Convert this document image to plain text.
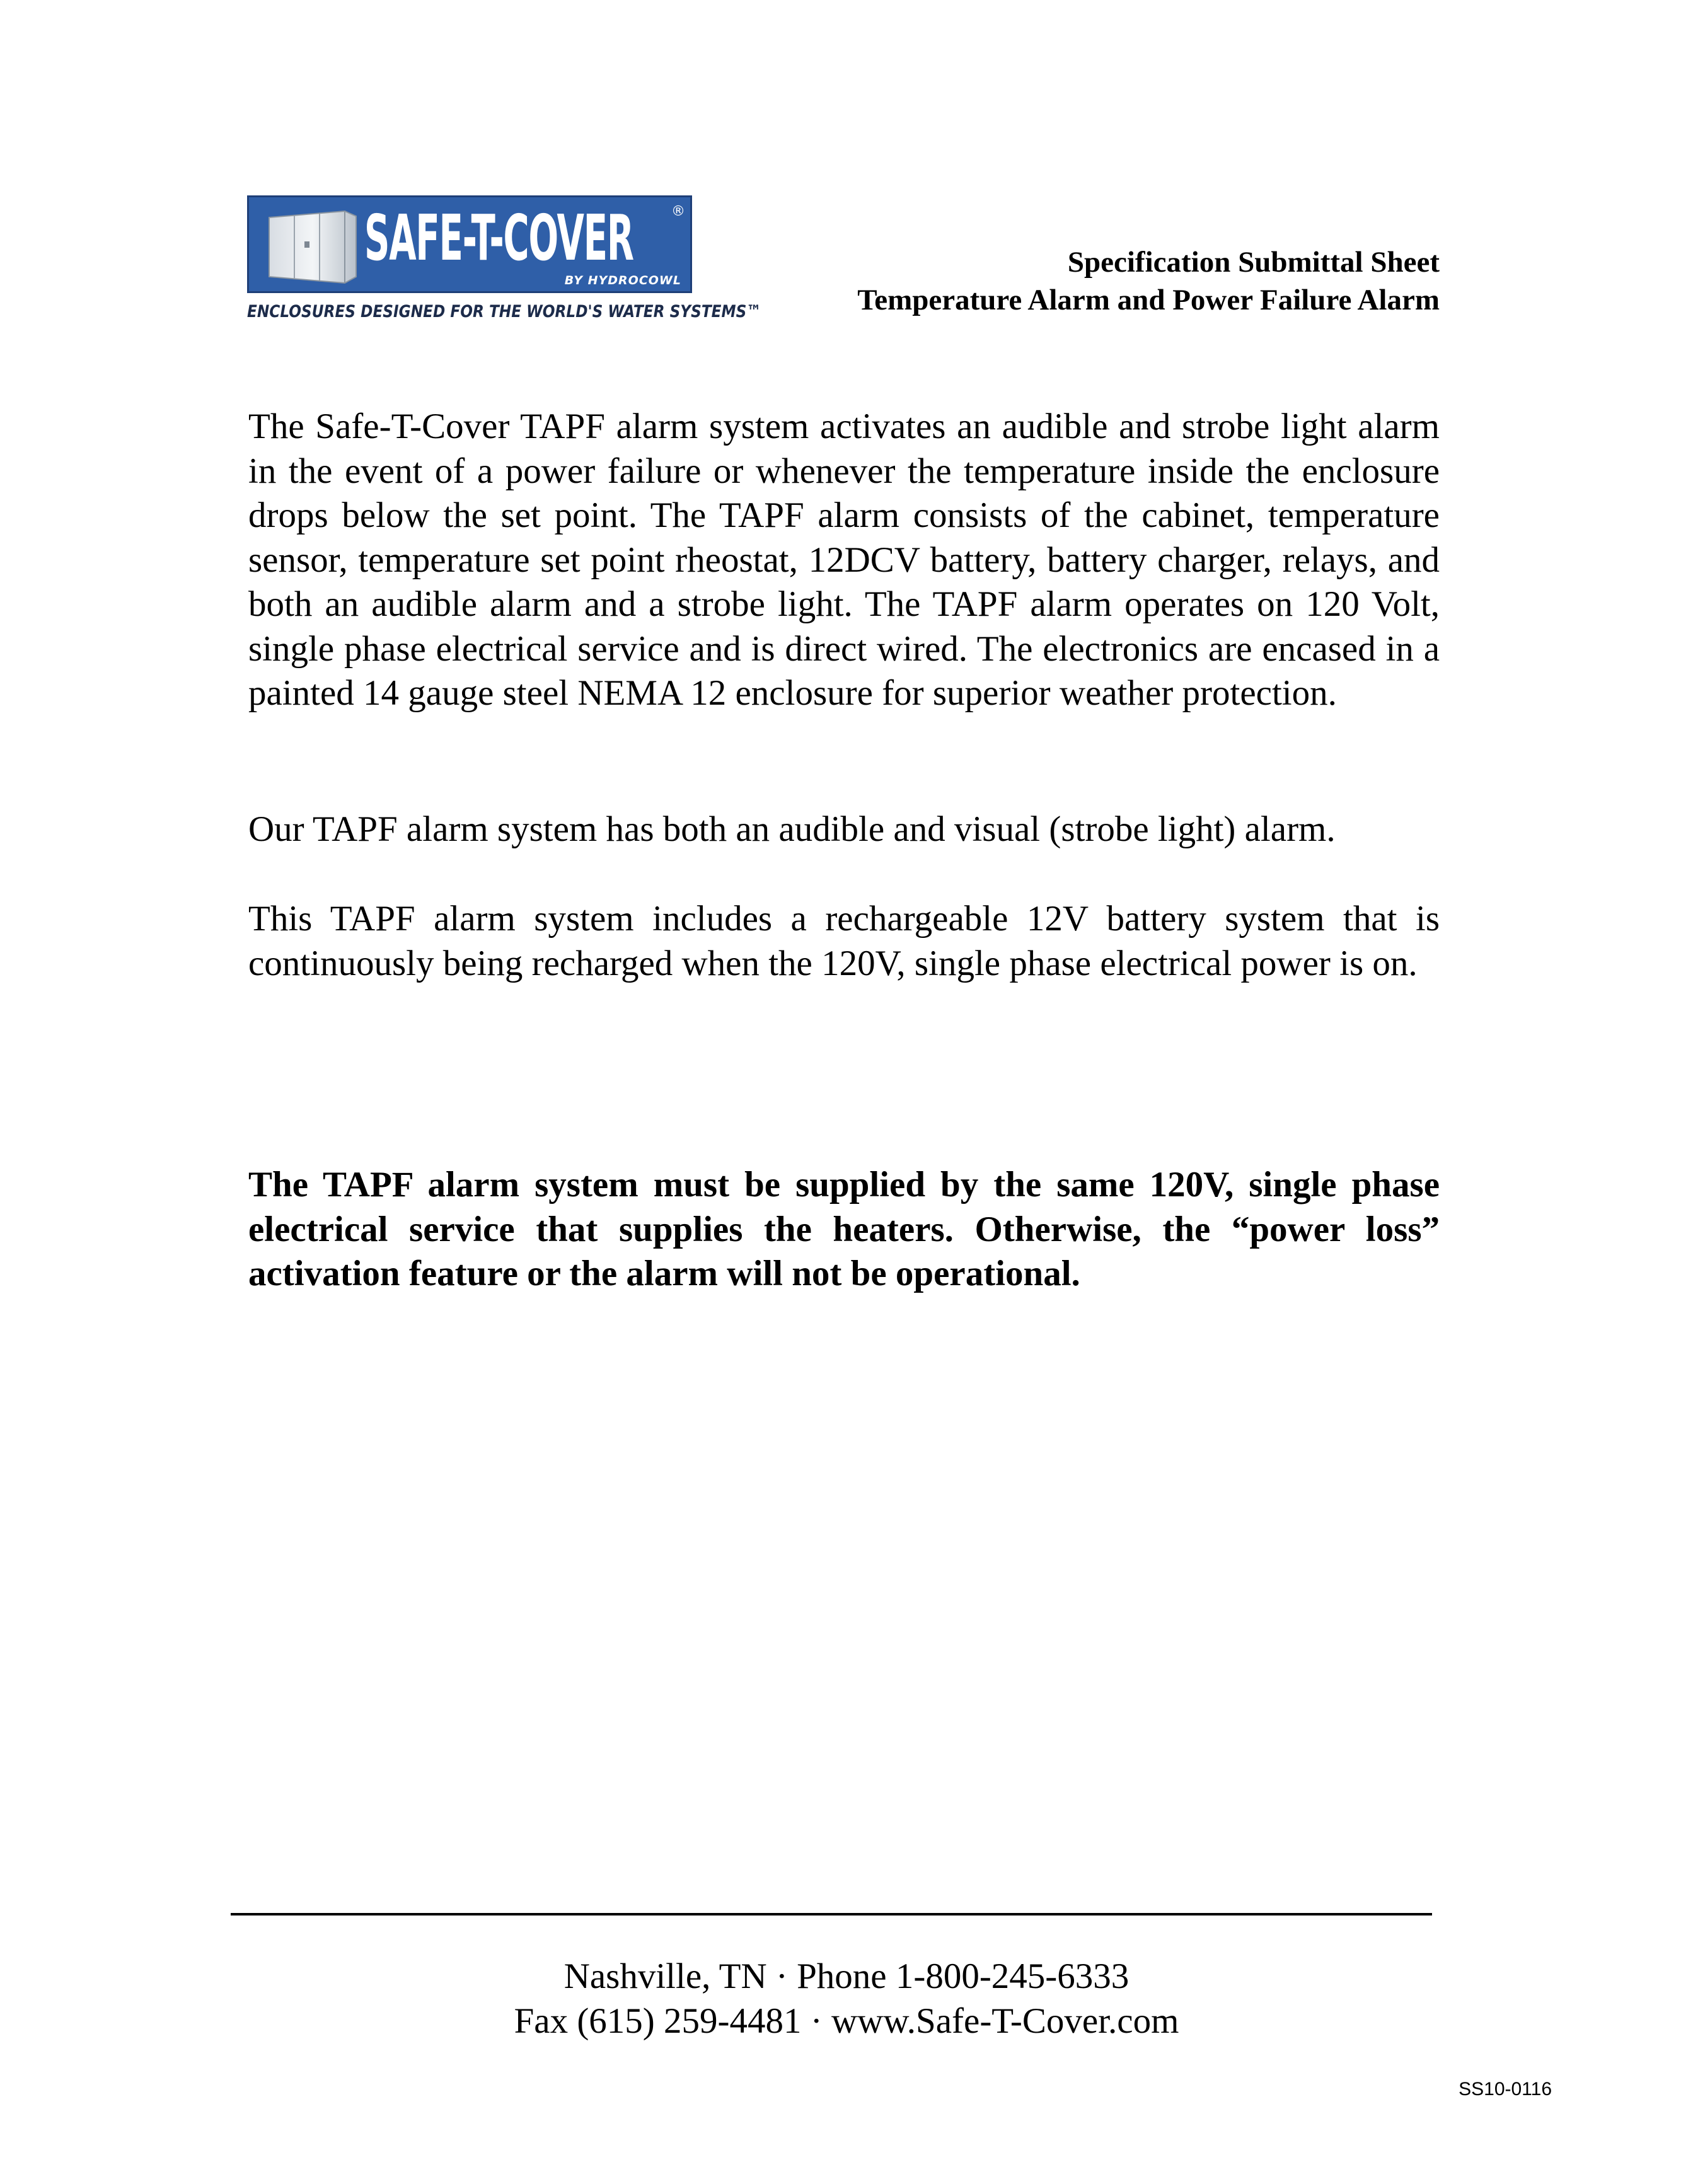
SAFE-T-COVER	®
BY HYDROCOWL
ENCLOSURES DESIGNED FOR THE WORLD'S WATER SYSTEMS™
Specification Submittal Sheet
Temperature Alarm and Power Failure Alarm

The Safe-T-Cover TAPF alarm system activates an audible and strobe light alarm in the event of a power failure or whenever the temperature inside the enclosure drops below the set point. The TAPF alarm consists of the cabinet, temperature sensor, temperature set point rheostat, 12DCV battery, battery charger, relays, and both an audible alarm and a strobe light. The TAPF alarm operates on 120 Volt, single phase electrical service and is direct wired. The electronics are encased in a painted 14 gauge steel NEMA 12 enclosure for superior weather protection.

Our TAPF alarm system has both an audible and visual (strobe light) alarm.

This TAPF alarm system includes a rechargeable 12V battery system that is continuously being recharged when the 120V, single phase electrical power is on.

The TAPF alarm system must be supplied by the same 120V, single phase electrical service that supplies the heaters. Otherwise, the “power loss” activation feature or the alarm will not be operational.

Nashville, TN · Phone 1-800-245-6333
Fax (615) 259-4481 · www.Safe-T-Cover.com
SS10-0116
